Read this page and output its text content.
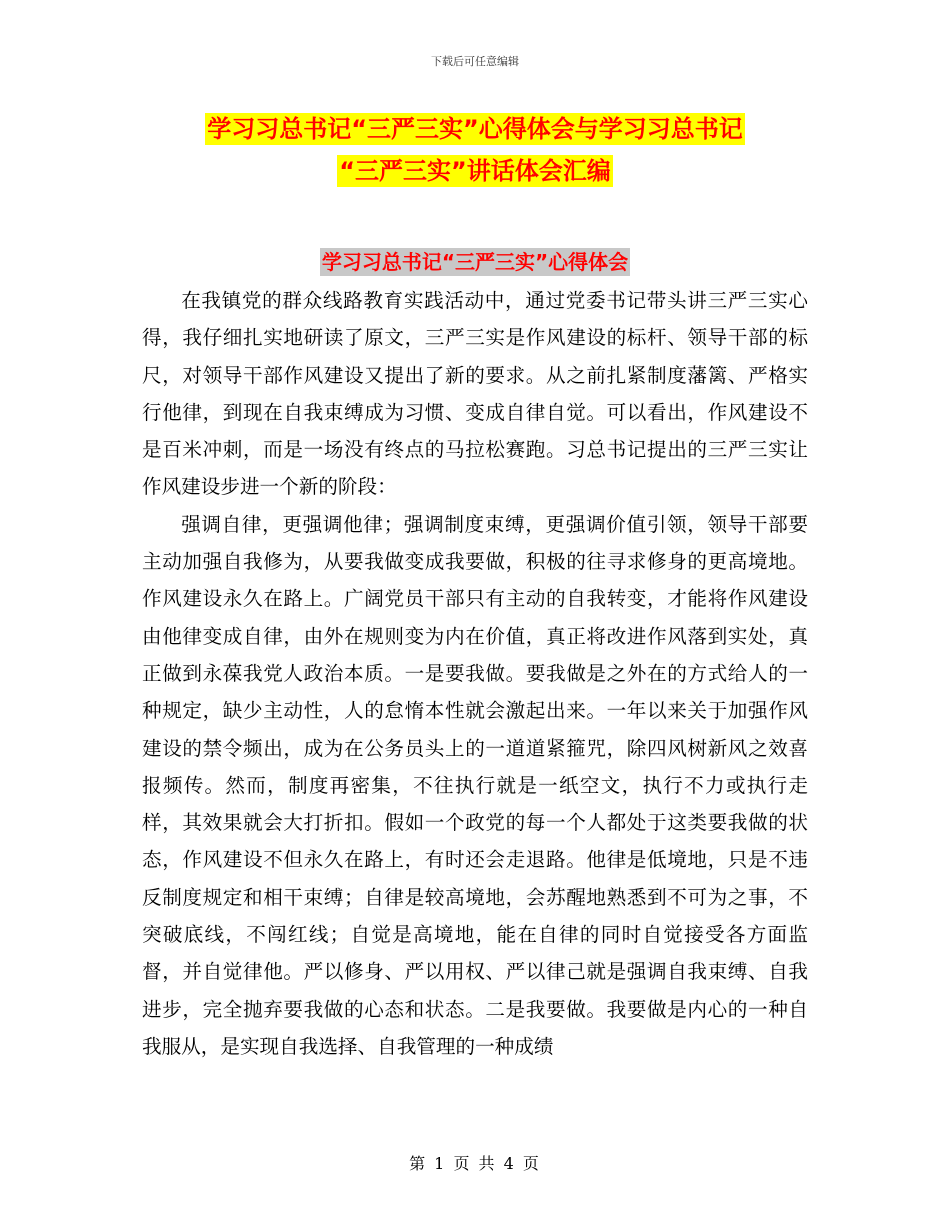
下载后可任意编辑
学习习总书记“三严三实”心得体会与学习习总书记
“三严三实”讲话体会汇编
学习习总书记“三严三实”心得体会

在我镇党的群众线路教育实践活动中，通过党委书记带头讲三严三实心得，我仔细扎实地研读了原文，三严三实是作风建设的标杆、领导干部的标尺，对领导干部作风建设又提出了新的要求。从之前扎紧制度藩篱、严格实行他律，到现在自我束缚成为习惯、变成自律自觉。可以看出，作风建设不是百米冲刺，而是一场没有终点的马拉松赛跑。习总书记提出的三严三实让作风建设步进一个新的阶段：

强调自律，更强调他律；强调制度束缚，更强调价值引领，领导干部要主动加强自我修为，从要我做变成我要做，积极的往寻求修身的更高境地。作风建设永久在路上。广阔党员干部只有主动的自我转变，才能将作风建设由他律变成自律，由外在规则变为内在价值，真正将改进作风落到实处，真正做到永葆我党人政治本质。一是要我做。要我做是之外在的方式给人的一种规定，缺少主动性，人的怠惰本性就会激起出来。一年以来关于加强作风建设的禁令频出，成为在公务员头上的一道道紧箍咒，除四风树新风之效喜报频传。然而，制度再密集，不往执行就是一纸空文，执行不力或执行走样，其效果就会大打折扣。假如一个政党的每一个人都处于这类要我做的状态，作风建设不但永久在路上，有时还会走退路。他律是低境地，只是不违反制度规定和相干束缚；自律是较高境地，会苏醒地熟悉到不可为之事，不突破底线，不闯红线；自觉是高境地，能在自律的同时自觉接受各方面监督，并自觉律他。严以修身、严以用权、严以律己就是强调自我束缚、自我进步，完全抛弃要我做的心态和状态。二是我要做。我要做是内心的一种自我服从，是实现自我选择、自我管理的一种成绩

第 1 页 共 4 页
